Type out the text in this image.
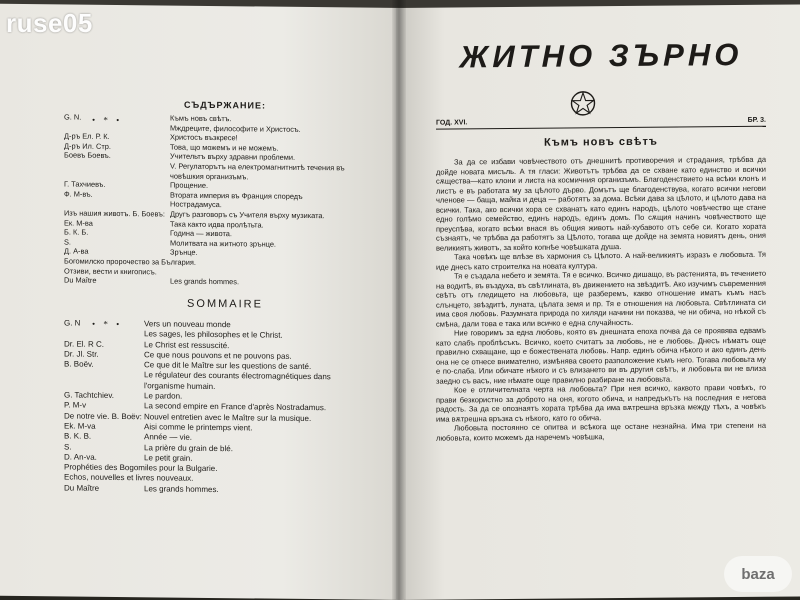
• * •
СЪДЪРЖАНИЕ:
G. N.	Къмъ новъ свѣтъ.
Мждреците, философите и Христосъ.
Д-ръ Ел. Р. К.	Христосъ възкресе!
Д-ръ Ил. Стр.	Това, що можемъ и не можемъ.
Боевъ Боевъ.	Учительтъ върху здравни проблеми.
V. Регулаторътъ на електромагнитнитѣ течения въ човѣшкия организъмъ.
Г. Тахчиевъ.	Прощение.
Ф. М-въ.	Втората империя въ Франция споредъ Нострадамуса.
Изъ нашия животъ. Б. Боевъ: Другъ разговоръ съ Учителя върху музиката.
Ек. М-ва	Така както идва пролѣтьта.
Б. К. Б.	Година — живота.
S.	Молитвата на житното зрънце.
Д. А-ва	Зрънце.
Богомилско пророчество за България.
Отзиви, вести и книгописъ.
Du Maître	Les grands hommes.
SOMMAIRE
• * •
G. N	Vers un nouveau monde
Les sages, les philosophes et le Christ.
Dr. El. R C.	Le Christ est ressuscité.
Dr. Jl. Str.	Ce que nous pouvons et ne pouvons pas.
B. Boëv.	Ce que dit le Maître sur les questions de santé.
Le régulateur des courants électromagnétiques dans l'organisme humain.
G. Tachtchiev.	Le pardon.
P. M-v	La second empire en France d'après Nostradamus.
De notre vie. B. Boëv: Nouvel entretien avec le Maître sur la musique.
Ek. M-va	Aisi comme le printemps vient.
B. K. B.	Année — vie.
S.	La prière du grain de blé.
D. An-va.	Le petit grain.
Prophéties des Bogomiles pour la Bulgarie.
Echos, nouvelles et livres nouveaux.
Du Maître	Les grands hommes.
ЖИТНО ЗЪРНО
ГОД. XVI.	БР. 3.
Къмъ новъ свѣтъ

За да се избави човѣчеството отъ днешнитѣ противоречия и страдания, трѣбва да дойде новата мисъль. А тя гласи: Животътъ трѣбва да се схване като единство и всички сѫщества—като клони и листа на космичния организъмъ. Благоденствието на всѣки клонъ и листъ е въ работата му за цѣлото дърво. Домътъ ще благоденствува, когато всички негови членове — баща, майка и деца — работятъ за дома. Всѣки дава за цѣлото, и цѣлото дава на всички. Така, ако всички хора се схванатъ като единъ народъ, цѣлото човѣчество ще стане едно голѣмо семейство, единъ народъ, единъ домъ. По сѫщия начинъ човѣчеството ще преуспѣва, когато всѣки внася въ общия животъ най-хубавото отъ себе си. Когато хората съзнаятъ, че трѣбва да работятъ за Цѣлото, тогава ще дойде на земята новиятъ день, ония великиятъ животъ, за който копнѣе човѣшката душа.

Така човѣкъ ще влѣзе въ хармония съ Цѣлото. А най-великиятъ изразъ е любовьта. Тя иде днесъ като строителка на новата култура.

Тя е създала небето и земята. Тя е всичко. Всичко дишащо, въ растенията, въ течението на водитѣ, въ въздуха, въ свѣтлината, въ движението на звѣздитѣ. Ако изучимъ съвременния свѣтъ отъ гледището на любовьта, ще разберемъ, какво отношение иматъ къмъ насъ слънцето, звѣздитѣ, луната, цѣлата земя и пр. Тя е отношения на любовьта. Свѣтлината си има своя любовь. Разумната природа по хиляди начини ни показва, че ни обича, но нѣкой съ смѣна, дали това е така или всичко е една случайность.

Ние говоримъ за една любовь, която въ днешната епоха почва да се проявява едвамъ като слабъ проблѣсъкъ. Всичко, което считатъ за любовь, не е любовь. Днесъ нѣматъ още правилно схващане, що е божествената любовь. Напр. единъ обича нѣкого и ако единъ день она не се отнесе внимателно, измѣнява своето разположение къмъ него. Тогава любовьта му е по-слаба. Или обичате нѣкого и съ влизането ви въ другия свѣтъ, и любовьта ви не влиза заедно съ васъ, ние нѣмате още правилно разбиране на любовьта.

Кое е отличителната черта на любовьта? При нея всичко, каквото прави човѣкъ, го прави безкористно за доброто на оня, когото обича, и напредъкътъ на последния е негова радость. За да се опознаятъ хората трѣбва да има вѫтрешна връзка между тѣхъ, а човѣкъ има вѫтрешна връзка съ нѣкого, като го обича.

Любовьта постоянно се опитва и всѣкога ще остане незнайна. Има три степени на любовьта, които можемъ да наречемъ човѣшка,

ruse05
baza
